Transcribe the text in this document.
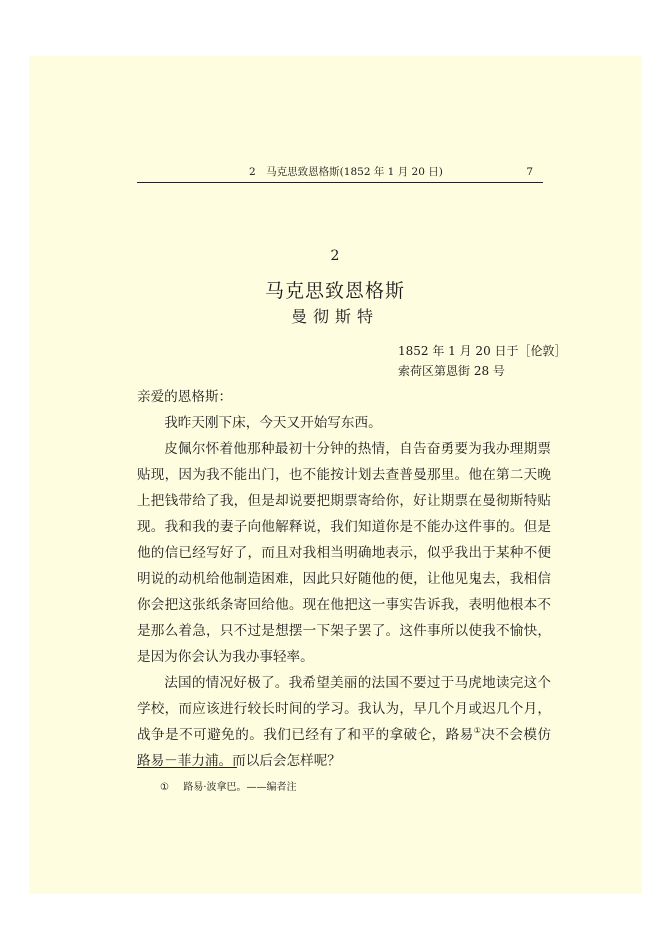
2　马克思致恩格斯(1852 年 1 月 20 日)	7
2
马克思致恩格斯
曼彻斯特
1852 年 1 月 20 日于［伦敦］
索荷区第恩街 28 号

亲爱的恩格斯：

我昨天刚下床，今天又开始写东西。

皮佩尔怀着他那种最初十分钟的热情，自告奋勇要为我办理期票贴现，因为我不能出门，也不能按计划去查普曼那里。他在第二天晚上把钱带给了我，但是却说要把期票寄给你，好让期票在曼彻斯特贴现。我和我的妻子向他解释说，我们知道你是不能办这件事的。但是他的信已经写好了，而且对我相当明确地表示，似乎我出于某种不便明说的动机给他制造困难，因此只好随他的便，让他见鬼去，我相信你会把这张纸条寄回给他。现在他把这一事实告诉我，表明他根本不是那么着急，只不过是想摆一下架子罢了。这件事所以使我不愉快，是因为你会认为我办事轻率。

法国的情况好极了。我希望美丽的法国不要过于马虎地读完这个学校，而应该进行较长时间的学习。我认为，早几个月或迟几个月，战争是不可避免的。我们已经有了和平的拿破仑，路易①决不会模仿路易－菲力浦。而以后会怎样呢？

① 路易·波拿巴。——编者注
